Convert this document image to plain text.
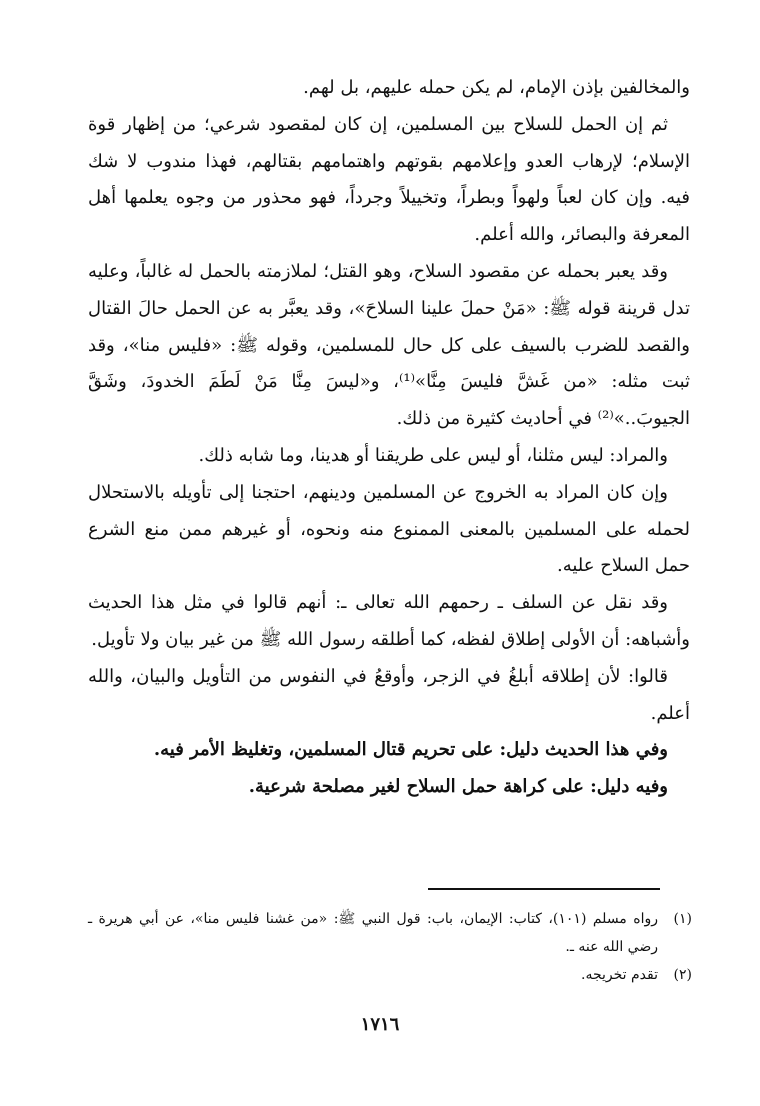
والمخالفين بإذن الإمام، لم يكن حمله عليهم، بل لهم.

ثم إن الحمل للسلاح بين المسلمين، إن كان لمقصود شرعي؛ من إظهار قوة الإسلام؛ لإرهاب العدو وإعلامهم بقوتهم واهتمامهم بقتالهم، فهذا مندوب لا شك فيه. وإن كان لعباً ولهواً وبطراً، وتخييلاً وجرداً، فهو محذور من وجوه يعلمها أهل المعرفة والبصائر، والله أعلم.

وقد يعبر بحمله عن مقصود السلاح، وهو القتل؛ لملازمته بالحمل له غالباً، وعليه تدل قرينة قوله ﷺ: «مَنْ حملَ علينا السلاحَ»، وقد يعبَّر به عن الحمل حالَ القتال والقصد للضرب بالسيف على كل حال للمسلمين، وقوله ﷺ: «فليس منا»، وقد ثبت مثله: «من غَشَّ فليسَ مِنَّا»⁽¹⁾، و«ليسَ مِنَّا مَنْ لَطَمَ الخدودَ، وشَقَّ الجيوبَ..»⁽²⁾ في أحاديث كثيرة من ذلك.

والمراد: ليس مثلنا، أو ليس على طريقنا أو هدينا، وما شابه ذلك.

وإن كان المراد به الخروج عن المسلمين ودينهم، احتجنا إلى تأويله بالاستحلال لحمله على المسلمين بالمعنى الممنوع منه ونحوه، أو غيرهم ممن منع الشرع حمل السلاح عليه.

وقد نقل عن السلف ـ رحمهم الله تعالى ـ: أنهم قالوا في مثل هذا الحديث وأشباهه: أن الأولى إطلاق لفظه، كما أطلقه رسول الله ﷺ من غير بيان ولا تأويل.

قالوا: لأن إطلاقه أبلغُ في الزجر، وأوقعُ في النفوس من التأويل والبيان، والله أعلم.

وفي هذا الحديث دليل: على تحريم قتال المسلمين، وتغليظ الأمر فيه.

وفيه دليل: على كراهة حمل السلاح لغير مصلحة شرعية.

(١)
رواه مسلم (١٠١)، كتاب: الإيمان، باب: قول النبي ﷺ: «من غشنا فليس منا»، عن أبي هريرة ـ رضي الله عنه ـ.
(٢)
تقدم تخريجه.
١٧١٦
